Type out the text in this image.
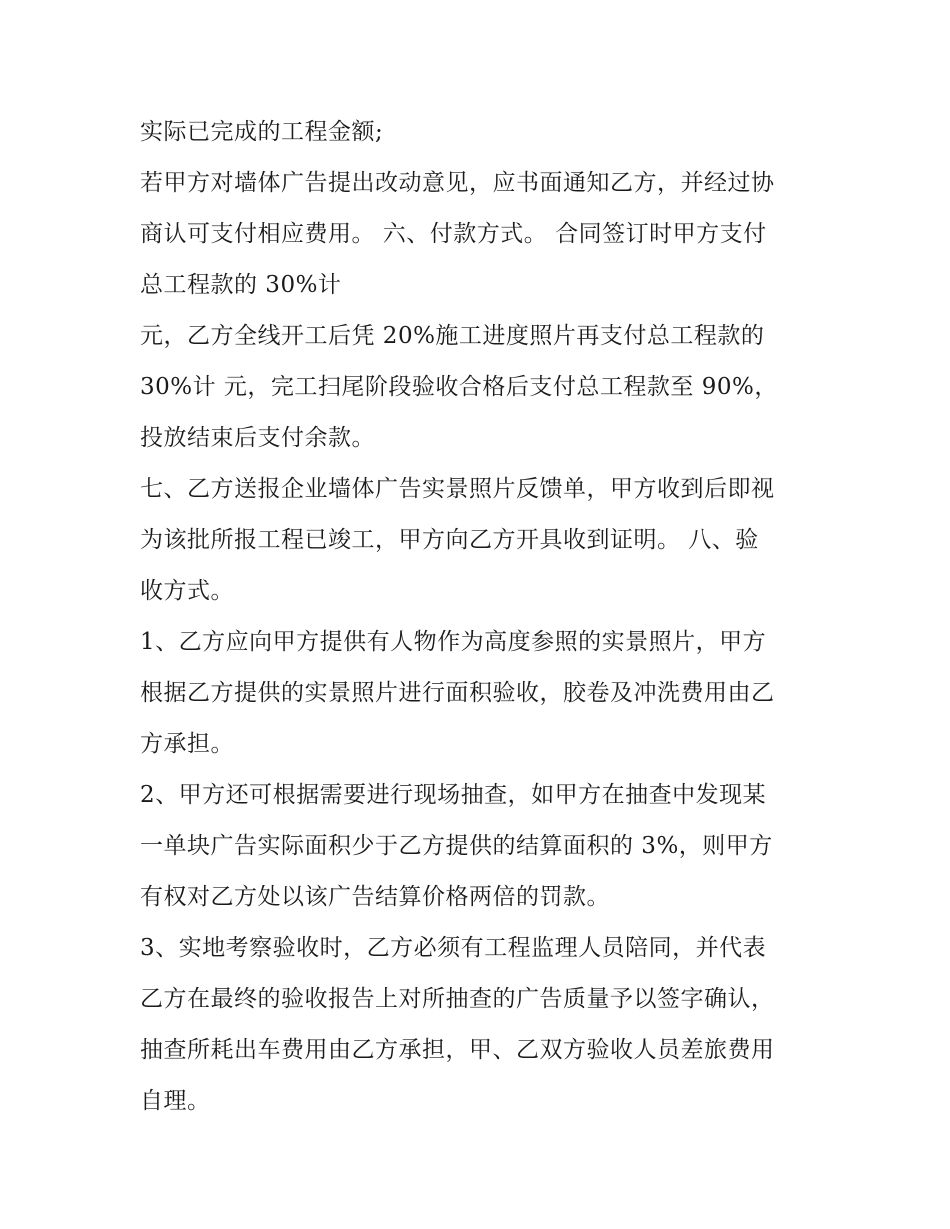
实际已完成的工程金额;
若甲方对墙体广告提出改动意见，应书面通知乙方，并经过协
商认可支付相应费用。 六、付款方式。 合同签订时甲方支付
总工程款的 30%计
元，乙方全线开工后凭 20%施工进度照片再支付总工程款的
30%计 元，完工扫尾阶段验收合格后支付总工程款至 90%，
投放结束后支付余款。
七、乙方送报企业墙体广告实景照片反馈单，甲方收到后即视
为该批所报工程已竣工，甲方向乙方开具收到证明。 八、验
收方式。
1、乙方应向甲方提供有人物作为高度参照的实景照片，甲方
根据乙方提供的实景照片进行面积验收，胶卷及冲洗费用由乙
方承担。
2、甲方还可根据需要进行现场抽查，如甲方在抽查中发现某
一单块广告实际面积少于乙方提供的结算面积的 3%，则甲方
有权对乙方处以该广告结算价格两倍的罚款。
3、实地考察验收时，乙方必须有工程监理人员陪同，并代表
乙方在最终的验收报告上对所抽查的广告质量予以签字确认，
抽查所耗出车费用由乙方承担，甲、乙双方验收人员差旅费用
自理。
